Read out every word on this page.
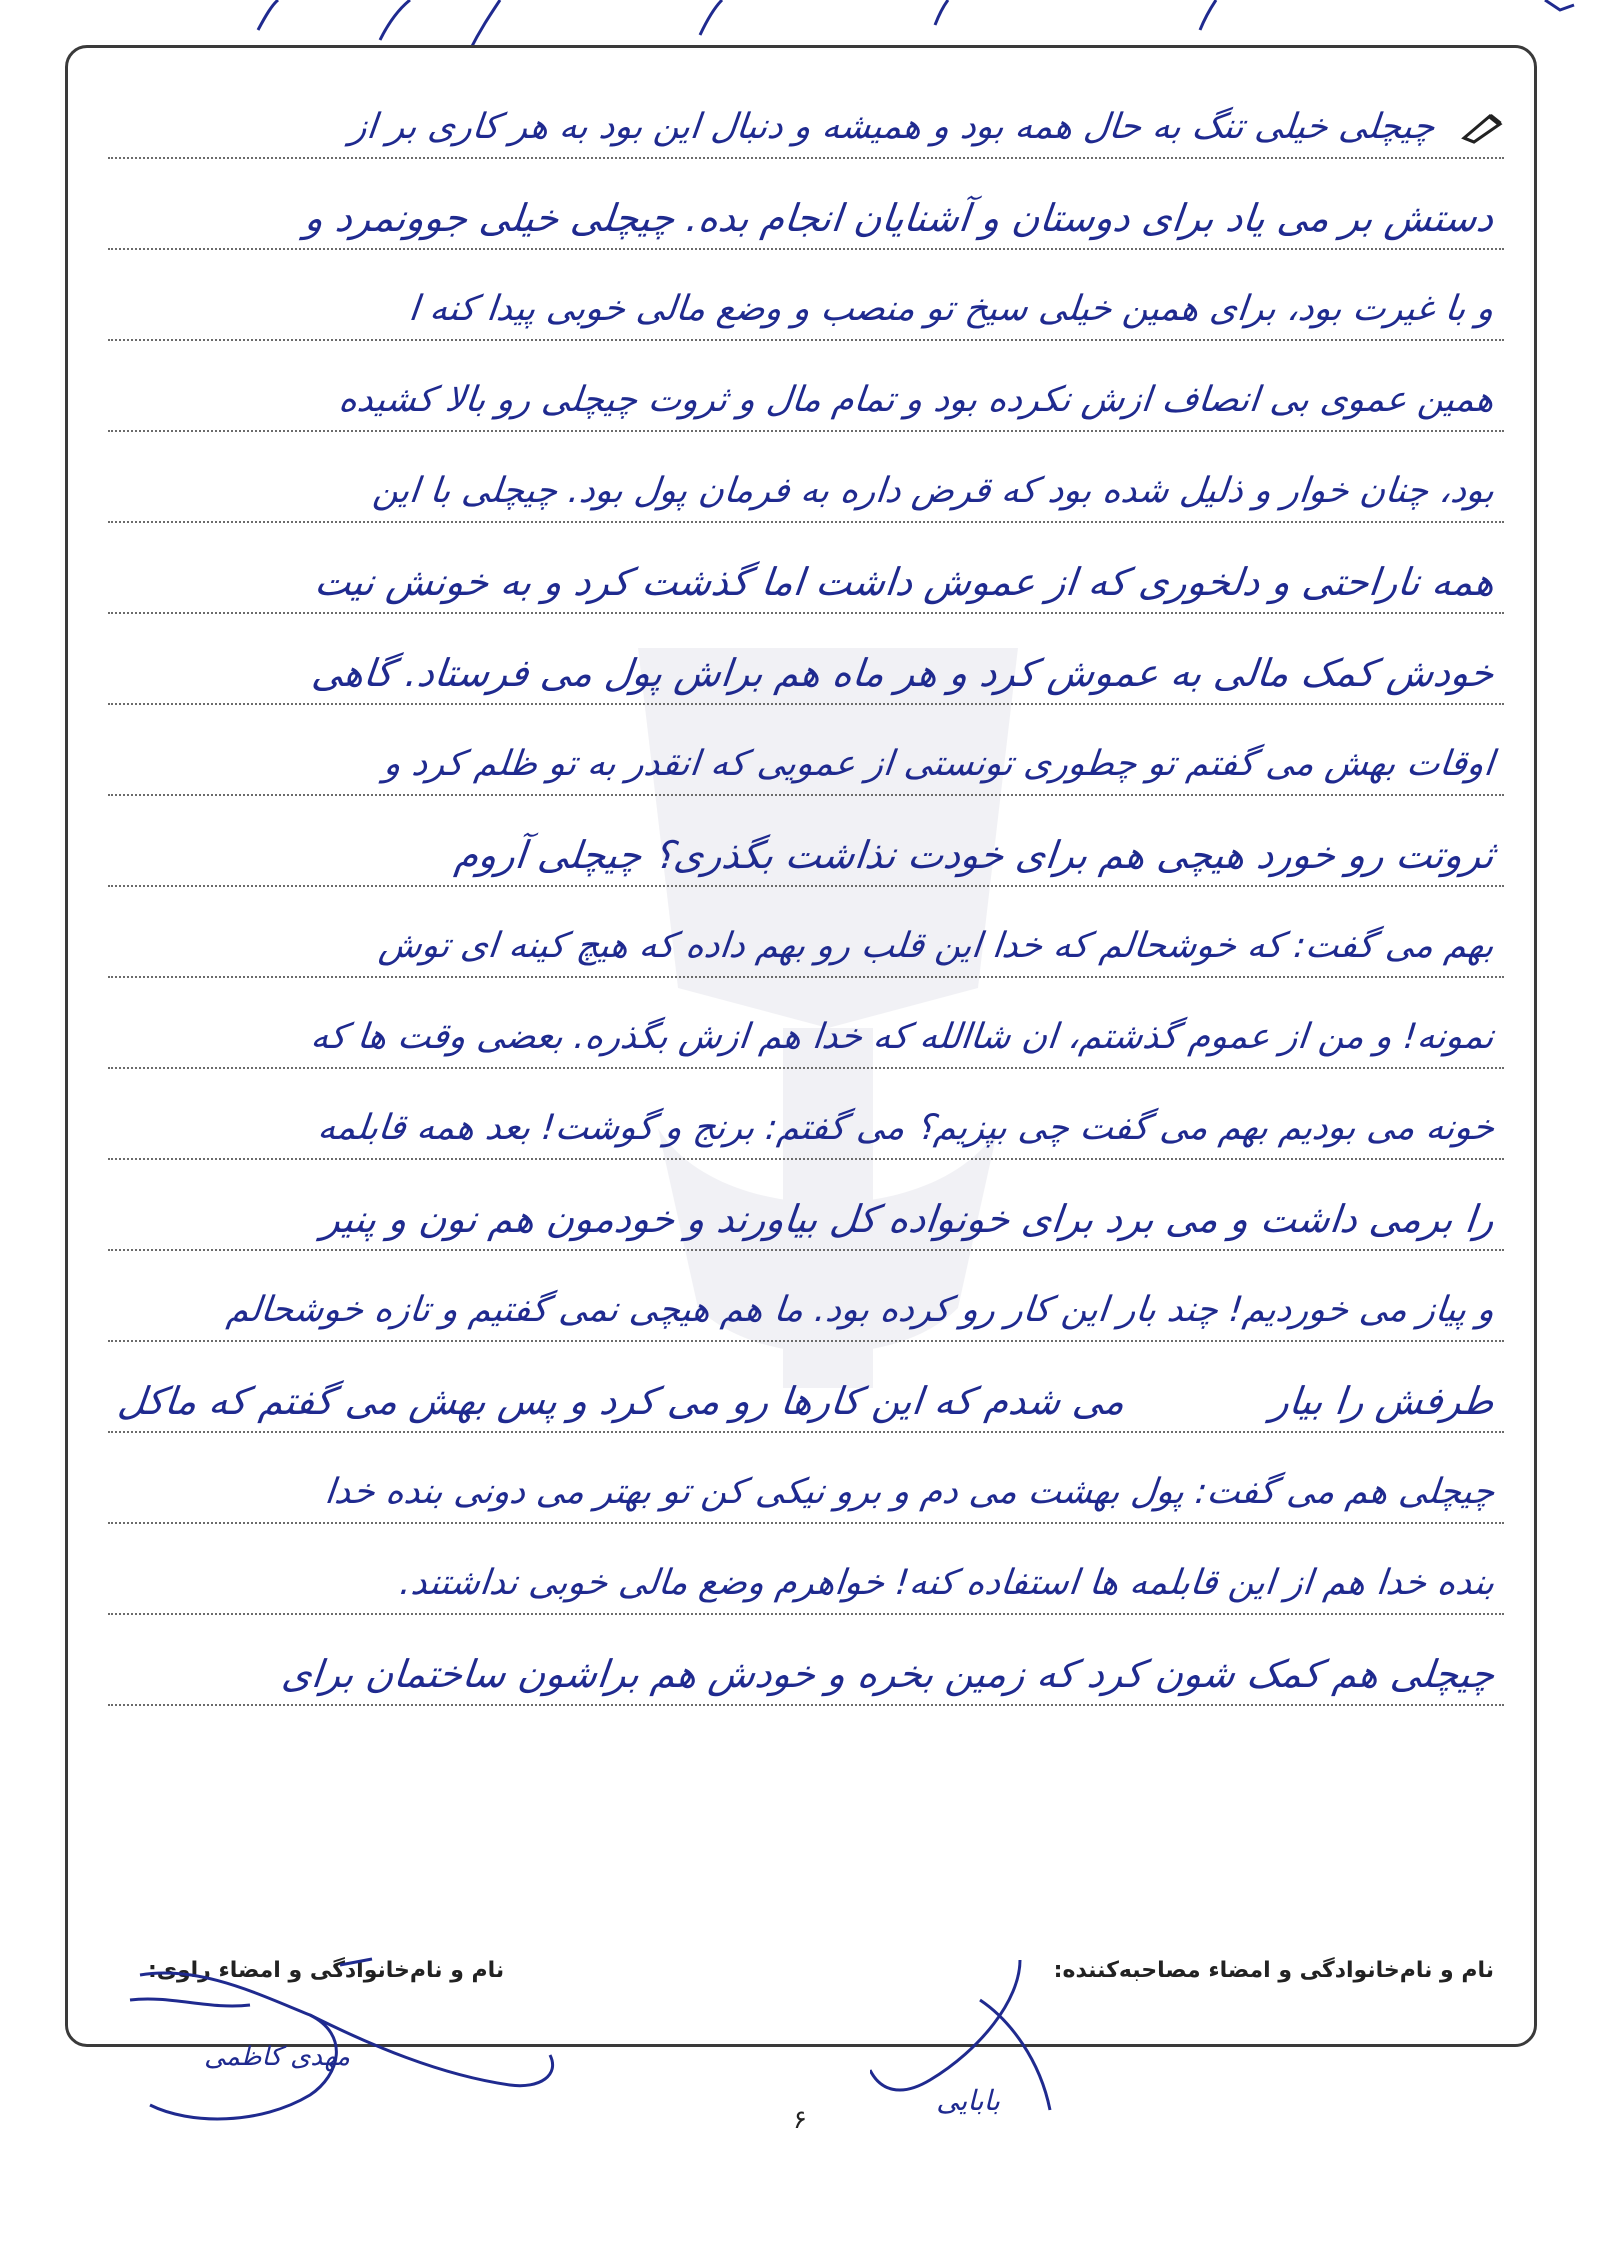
چیچلی خیلی تنگ به حال همه بود و همیشه و دنبال این بود به هر کاری بر از
دستش بر می یاد برای دوستان و آشنایان انجام بده. چیچلی خیلی جوونمرد و
و با غیرت بود، برای همین خیلی سیخ تو منصب و وضع مالی خوبی پیدا کنه ا
همین عموی بی انصاف ازش نکرده بود و تمام مال و ثروت چیچلی رو بالا کشیده
بود، چنان خوار و ذلیل شده بود که قرض داره به فرمان پول بود. چیچلی با این
همه ناراحتی و دلخوری که از عموش داشت اما گذشت کرد و به خونش نیت
خودش کمک مالی به عموش کرد و هر ماه هم براش پول می فرستاد. گاهی
اوقات بهش می گفتم تو چطوری تونستی از عمویی که انقدر به تو ظلم کرد و
ثروتت رو خورد هیچی هم برای خودت نذاشت بگذری؟ چیچلی آروم
بهم می گفت: که خوشحالم که خدا این قلب رو بهم داده که هیچ کینه ای توش
نمونه! و من از عموم گذشتم، ان شاالله که خدا هم ازش بگذره. بعضی وقت ها که
خونه می بودیم بهم می گفت چی بپزیم؟ می گفتم: برنج و گوشت! بعد همه قابلمه
را برمی داشت و می برد برای خونواده کل بیاورند و خودمون هم نون و پنیر
و پیاز می خوردیم! چند بار این کار رو کرده بود. ما هم هیچی نمی گفتیم و تازه خوشحالم
طرفش را بیار
می شدم که این کارها رو می کرد و پس بهش می گفتم که ماکل
چیچلی هم می گفت: پول بهشت می دم و برو نیکی کن تو بهتر می دونی بنده خدا
بنده خدا هم از این قابلمه ها استفاده کنه! خواهرم وضع مالی خوبی نداشتند.
چیچلی هم کمک شون کرد که زمین بخره و خودش هم براشون ساختمان برای
نام و نام‌خانوادگی و امضاء مصاحبه‌کننده:
نام و نام‌خانوادگی و امضاء راوی:
مهدی کاظمی
بابایی
۶
